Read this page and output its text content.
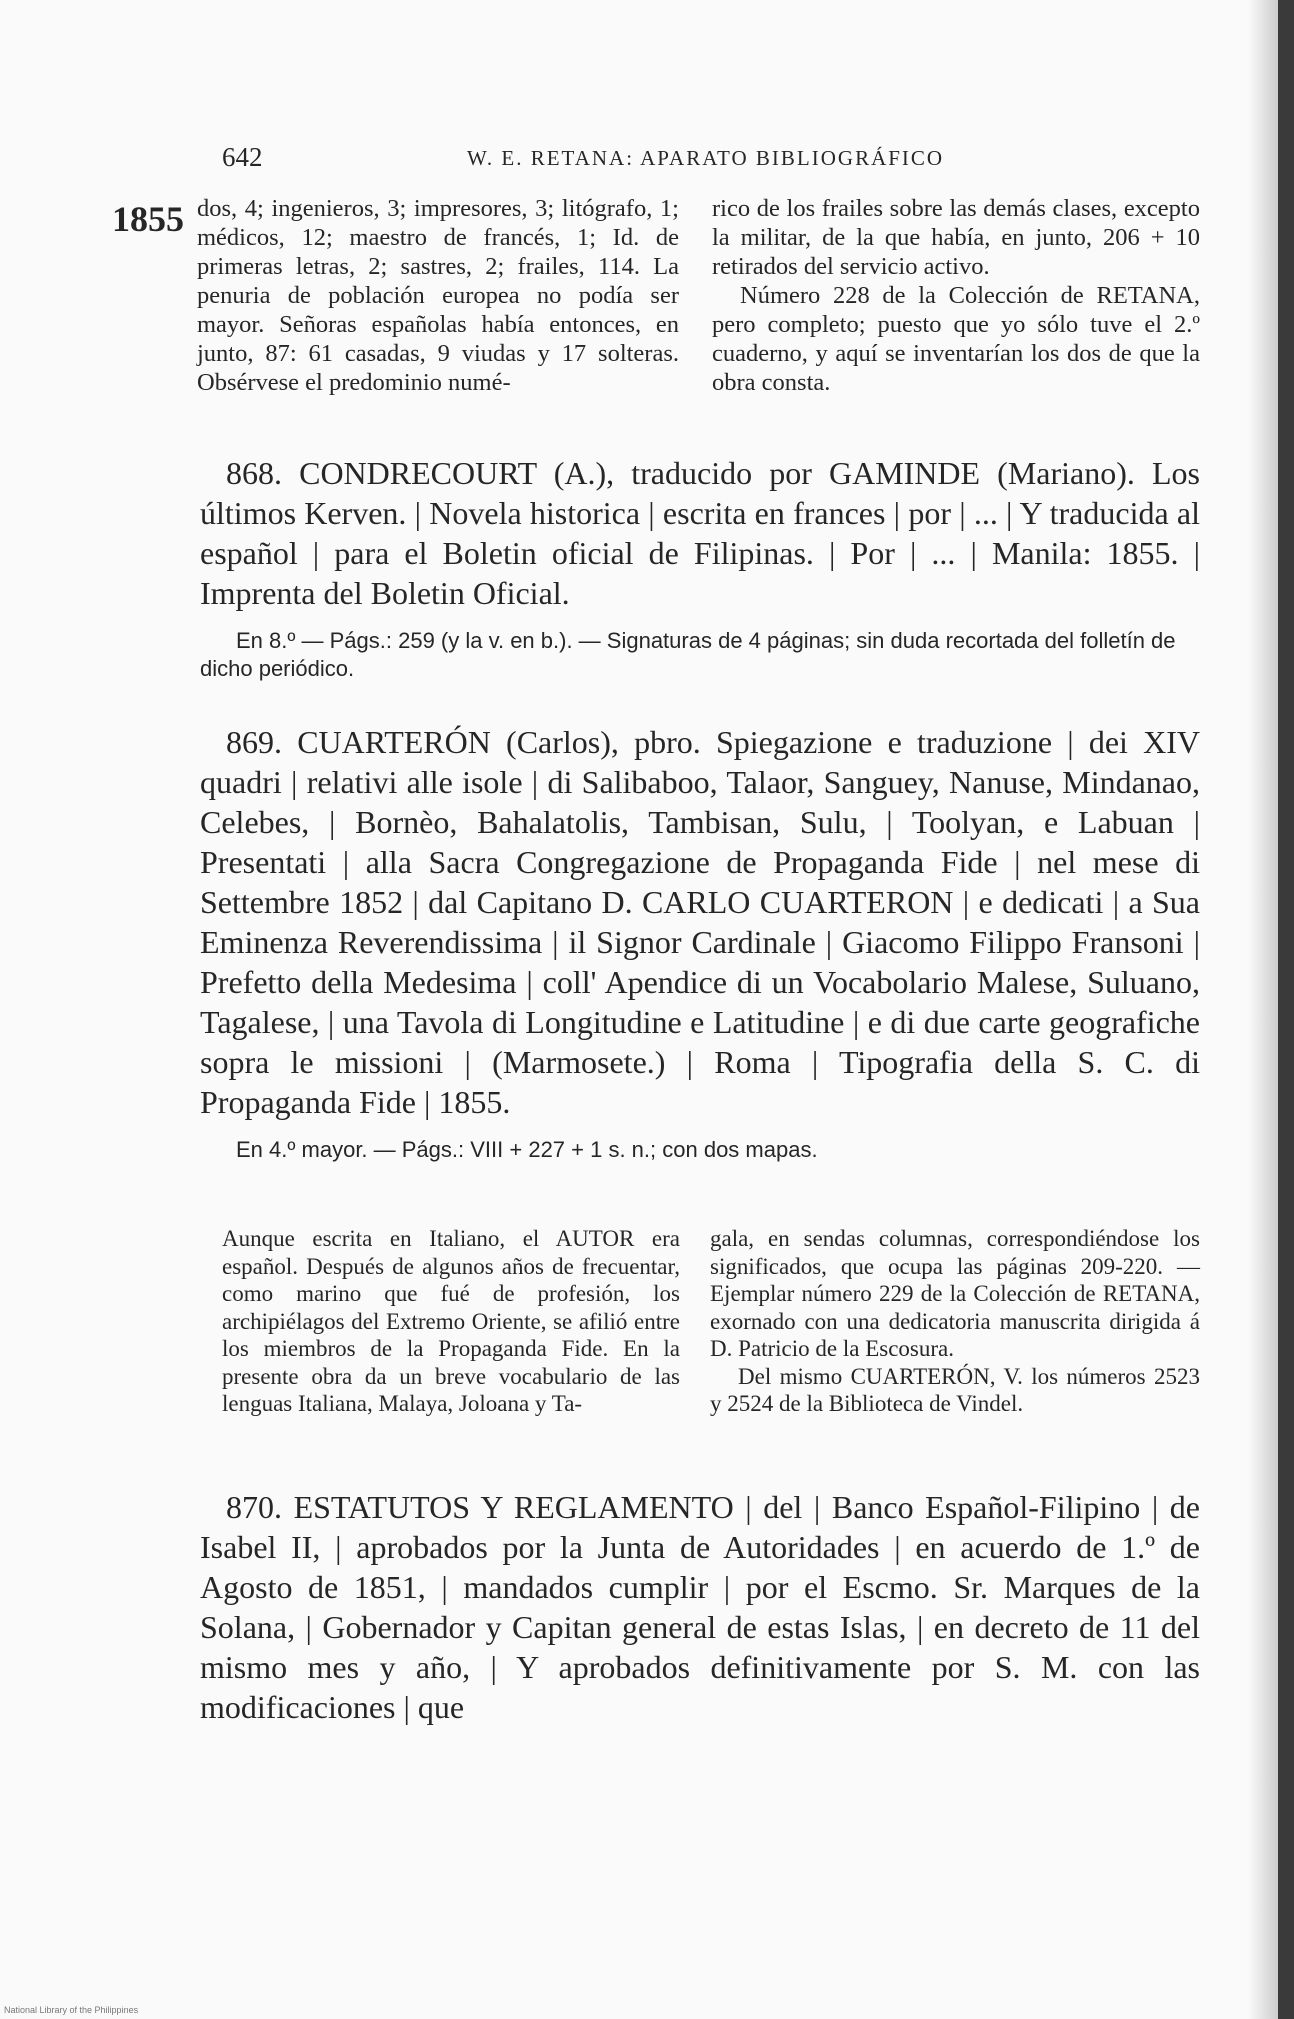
642	W. E. RETANA: APARATO BIBLIOGRÁFICO
1855 dos, 4; ingenieros, 3; impresores, 3; litógrafo, 1; médicos, 12; maestro de francés, 1; Id. de primeras letras, 2; sastres, 2; frailes, 114. La penuria de población europea no podía ser mayor. Señoras españolas había entonces, en junto, 87: 61 casadas, 9 viudas y 17 solteras. Obsérvese el predominio numé-

rico de los frailes sobre las demás clases, excepto la militar, de la que había, en junto, 206 + 10 retirados del servicio activo.

Número 228 de la Colección de RETANA, pero completo; puesto que yo sólo tuve el 2.º cuaderno, y aquí se inventarían los dos de que la obra consta.

868. CONDRECOURT (A.), traducido por GAMINDE (Mariano). Los últimos Kerven. | Novela historica | escrita en frances | por | ... | Y traducida al español | para el Boletin oficial de Filipinas. | Por | ... | Manila: 1855. | Imprenta del Boletin Oficial.

En 8.º — Págs.: 259 (y la v. en b.). — Signaturas de 4 páginas; sin duda recortada del folletín de dicho periódico.

869. CUARTERÓN (Carlos), pbro. Spiegazione e traduzione | dei XIV quadri | relativi alle isole | di Salibaboo, Talaor, Sanguey, Nanuse, Mindanao, Celebes, | Bornèo, Bahalatolis, Tambisan, Sulu, | Toolyan, e Labuan | Presentati | alla Sacra Congregazione de Propaganda Fide | nel mese di Settembre 1852 | dal Capitano D. CARLO CUARTERON | e dedicati | a Sua Eminenza Reverendissima | il Signor Cardinale | Giacomo Filippo Fransoni | Prefetto della Medesima | coll' Apendice di un Vocabolario Malese, Suluano, Tagalese, | una Tavola di Longitudine e Latitudine | e di due carte geografiche sopra le missioni | (Marmosete.) | Roma | Tipografia della S. C. di Propaganda Fide | 1855.

En 4.º mayor. — Págs.: VIII + 227 + 1 s. n.; con dos mapas.

Aunque escrita en Italiano, el AUTOR era español. Después de algunos años de frecuentar, como marino que fué de profesión, los archipiélagos del Extremo Oriente, se afilió entre los miembros de la Propaganda Fide. En la presente obra da un breve vocabulario de las lenguas Italiana, Malaya, Joloana y Ta-

gala, en sendas columnas, correspondiéndose los significados, que ocupa las páginas 209-220. — Ejemplar número 229 de la Colección de RETANA, exornado con una dedicatoria manuscrita dirigida á D. Patricio de la Escosura.

Del mismo CUARTERÓN, V. los números 2523 y 2524 de la Biblioteca de Vindel.

870. ESTATUTOS Y REGLAMENTO | del | Banco Español-Filipino | de Isabel II, | aprobados por la Junta de Autoridades | en acuerdo de 1.º de Agosto de 1851, | mandados cumplir | por el Escmo. Sr. Marques de la Solana, | Gobernador y Capitan general de estas Islas, | en decreto de 11 del mismo mes y año, | Y aprobados definitivamente por S. M. con las modificaciones | que

National Library of the Philippines
